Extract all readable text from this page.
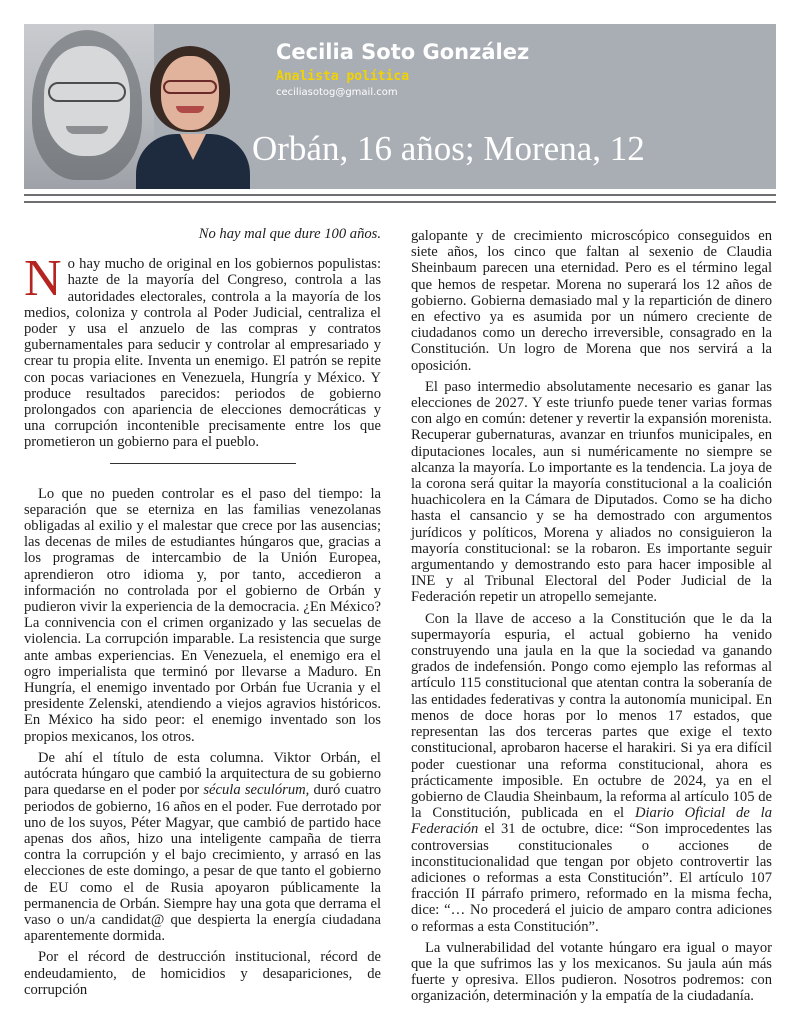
Cecilia Soto González
Analista política
ceciliasotog@gmail.com
Orbán, 16 años; Morena, 12

No hay mal que dure 100 años.

No hay mucho de original en los gobiernos populistas: hazte de la mayoría del Congreso, controla a las autoridades electorales, controla a la mayoría de los medios, coloniza y controla al Poder Judicial, centraliza el poder y usa el anzuelo de las compras y contratos gubernamentales para seducir y controlar al empresariado y crear tu propia elite. Inventa un enemigo. El patrón se repite con pocas variaciones en Venezuela, Hungría y México. Y produce resultados parecidos: periodos de gobierno prolongados con apariencia de elecciones democráticas y una corrupción incontenible precisamente entre los que prometieron un gobierno para el pueblo.

Lo que no pueden controlar es el paso del tiempo: la separación que se eterniza en las familias venezolanas obligadas al exilio y el malestar que crece por las ausencias; las decenas de miles de estudiantes húngaros que, gracias a los programas de intercambio de la Unión Europea, aprendieron otro idioma y, por tanto, accedieron a información no controlada por el gobierno de Orbán y pudieron vivir la experiencia de la democracia. ¿En México? La connivencia con el crimen organizado y las secuelas de violencia. La corrupción imparable. La resistencia que surge ante ambas experiencias. En Venezuela, el enemigo era el ogro imperialista que terminó por llevarse a Maduro. En Hungría, el enemigo inventado por Orbán fue Ucrania y el presidente Zelenski, atendiendo a viejos agravios históricos. En México ha sido peor: el enemigo inventado son los propios mexicanos, los otros.

De ahí el título de esta columna. Viktor Orbán, el autócrata húngaro que cambió la arquitectura de su gobierno para quedarse en el poder por sécula seculórum, duró cuatro periodos de gobierno, 16 años en el poder. Fue derrotado por uno de los suyos, Péter Magyar, que cambió de partido hace apenas dos años, hizo una inteligente campaña de tierra contra la corrupción y el bajo crecimiento, y arrasó en las elecciones de este domingo, a pesar de que tanto el gobierno de EU como el de Rusia apoyaron públicamente la permanencia de Orbán. Siempre hay una gota que derrama el vaso o un/a candidat@ que despierta la energía ciudadana aparentemente dormida.

Por el récord de destrucción institucional, récord de endeudamiento, de homicidios y desapariciones, de corrupción

galopante y de crecimiento microscópico conseguidos en siete años, los cinco que faltan al sexenio de Claudia Sheinbaum parecen una eternidad. Pero es el término legal que hemos de respetar. Morena no superará los 12 años de gobierno. Gobierna demasiado mal y la repartición de dinero en efectivo ya es asumida por un número creciente de ciudadanos como un derecho irreversible, consagrado en la Constitución. Un logro de Morena que nos servirá a la oposición.

El paso intermedio absolutamente necesario es ganar las elecciones de 2027. Y este triunfo puede tener varias formas con algo en común: detener y revertir la expansión morenista. Recuperar gubernaturas, avanzar en triunfos municipales, en diputaciones locales, aun si numéricamente no siempre se alcanza la mayoría. Lo importante es la tendencia. La joya de la corona será quitar la mayoría constitucional a la coalición huachicolera en la Cámara de Diputados. Como se ha dicho hasta el cansancio y se ha demostrado con argumentos jurídicos y políticos, Morena y aliados no consiguieron la mayoría constitucional: se la robaron. Es importante seguir argumentando y demostrando esto para hacer imposible al INE y al Tribunal Electoral del Poder Judicial de la Federación repetir un atropello semejante.

Con la llave de acceso a la Constitución que le da la supermayoría espuria, el actual gobierno ha venido construyendo una jaula en la que la sociedad va ganando grados de indefensión. Pongo como ejemplo las reformas al artículo 115 constitucional que atentan contra la soberanía de las entidades federativas y contra la autonomía municipal. En menos de doce horas por lo menos 17 estados, que representan las dos terceras partes que exige el texto constitucional, aprobaron hacerse el harakiri. Si ya era difícil poder cuestionar una reforma constitucional, ahora es prácticamente imposible. En octubre de 2024, ya en el gobierno de Claudia Sheinbaum, la reforma al artículo 105 de la Constitución, publicada en el Diario Oficial de la Federación el 31 de octubre, dice: “Son improcedentes las controversias constitucionales o acciones de inconstitucionalidad que tengan por objeto controvertir las adiciones o reformas a esta Constitución”. El artículo 107 fracción II párrafo primero, reformado en la misma fecha, dice: “… No procederá el juicio de amparo contra adiciones o reformas a esta Constitución”.

La vulnerabilidad del votante húngaro era igual o mayor que la que sufrimos las y los mexicanos. Su jaula aún más fuerte y opresiva. Ellos pudieron. Nosotros podremos: con organización, determinación y la empatía de la ciudadanía.
